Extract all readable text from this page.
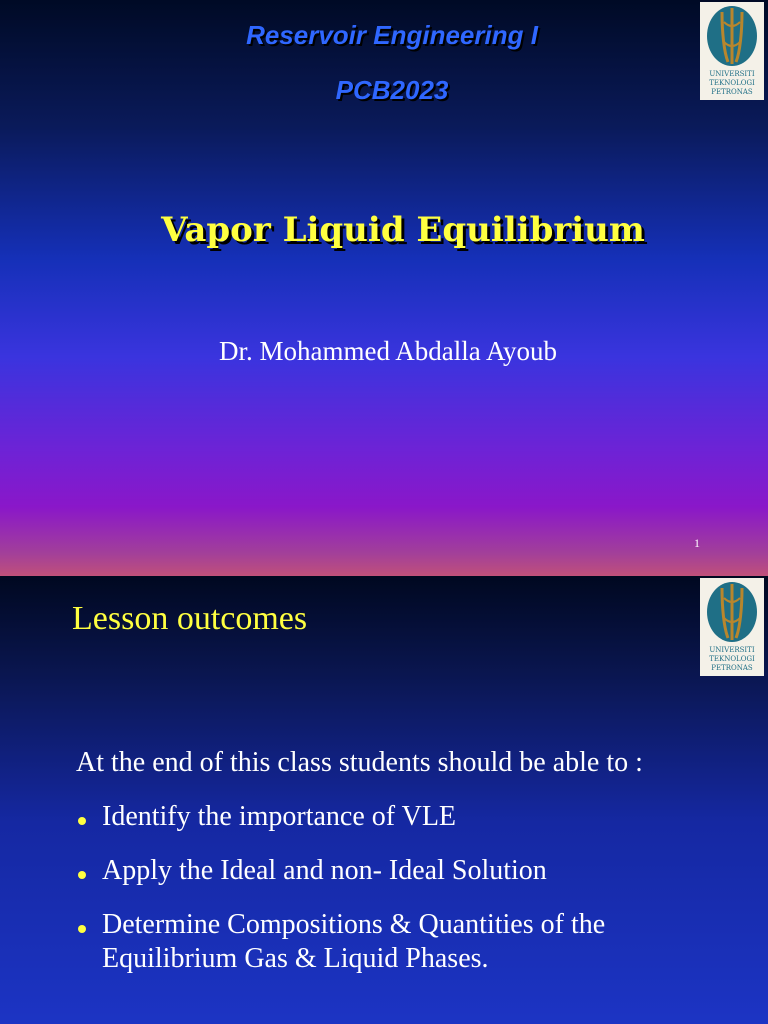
UNIVERSITI
TEKNOLOGI
PETRONAS
Reservoir Engineering I
PCB2023
Vapor Liquid Equilibrium
Dr. Mohammed Abdalla Ayoub
1
UNIVERSITI
TEKNOLOGI
PETRONAS
Lesson outcomes
At the end of this class students should be able to :
Identify the importance of VLE
Apply the Ideal and non- Ideal Solution
Determine Compositions & Quantities of the Equilibrium Gas & Liquid Phases.
